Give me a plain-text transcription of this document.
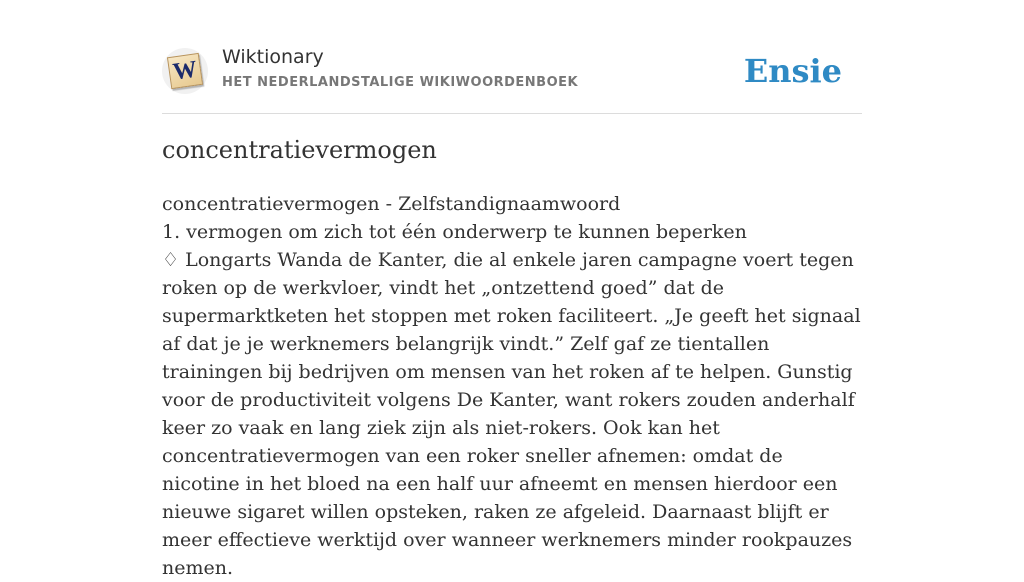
W Wiktionary
HET NEDERLANDSTALIGE WIKIWOORDENBOEK	Ensie
concentratievermogen

concentratievermogen - Zelfstandignaamwoord

1. vermogen om zich tot één onderwerp te kunnen beperken

♢ Longarts Wanda de Kanter, die al enkele jaren campagne voert tegen roken op de werkvloer, vindt het „ontzettend goed” dat de supermarktketen het stoppen met roken faciliteert. „Je geeft het signaal af dat je je werknemers belangrijk vindt.” Zelf gaf ze tientallen trainingen bij bedrijven om mensen van het roken af te helpen. Gunstig voor de productiviteit volgens De Kanter, want rokers zouden anderhalf keer zo vaak en lang ziek zijn als niet-rokers. Ook kan het concentratievermogen van een roker sneller afnemen: omdat de nicotine in het bloed na een half uur afneemt en mensen hierdoor een nieuwe sigaret willen opsteken, raken ze afgeleid. Daarnaast blijft er meer effectieve werktijd over wanneer werknemers minder rookpauzes nemen.
